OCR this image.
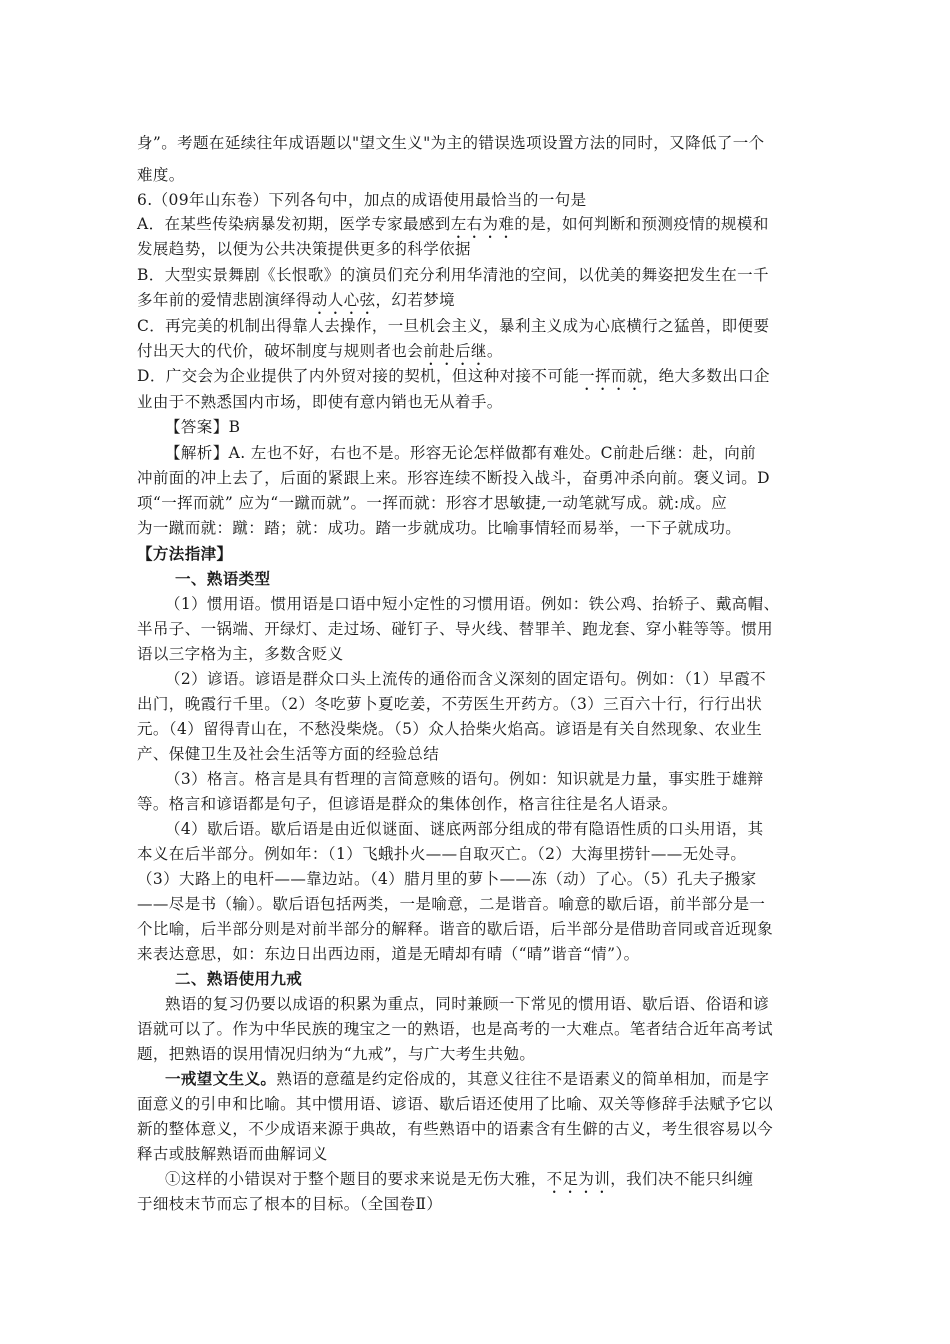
身”。考题在延续往年成语题以"望文生义"为主的错误选项设置方法的同时，又降低了一个
难度。
6.（09年山东卷）下列各句中，加点的成语使用最恰当的一句是
A．在某些传染病暴发初期，医学专家最感到左右为难的是，如何判断和预测疫情的规模和
发展趋势，以便为公共决策提供更多的科学依据
B．大型实景舞剧《长恨歌》的演员们充分利用华清池的空间，以优美的舞姿把发生在一千
多年前的爱情悲剧演绎得动人心弦，幻若梦境
C．再完美的机制出得靠人去操作，一旦机会主义，暴利主义成为心底横行之猛兽，即便要
付出天大的代价，破坏制度与规则者也会前赴后继。
D．广交会为企业提供了内外贸对接的契机，但这种对接不可能一挥而就，绝大多数出口企
业由于不熟悉国内市场，即使有意内销也无从着手。
【答案】B
【解析】A. 左也不好，右也不是。形容无论怎样做都有难处。C前赴后继：赴，向前
冲前面的冲上去了，后面的紧跟上来。形容连续不断投入战斗，奋勇冲杀向前。褒义词。D
项“一挥而就” 应为“一蹴而就”。一挥而就：形容才思敏捷,一动笔就写成。就:成。应
为一蹴而就：蹴：踏；就：成功。踏一步就成功。比喻事情轻而易举，一下子就成功。
【方法指津】
一、熟语类型
（1）惯用语。惯用语是口语中短小定性的习惯用语。例如：铁公鸡、抬轿子、戴高帽、
半吊子、一锅端、开绿灯、走过场、碰钉子、导火线、替罪羊、跑龙套、穿小鞋等等。惯用
语以三字格为主，多数含贬义
（2）谚语。谚语是群众口头上流传的通俗而含义深刻的固定语句。例如：（1）早霞不
出门，晚霞行千里。（2）冬吃萝卜夏吃姜，不劳医生开药方。（3）三百六十行，行行出状
元。（4）留得青山在，不愁没柴烧。（5）众人拾柴火焰高。谚语是有关自然现象、农业生
产、保健卫生及社会生活等方面的经验总结
（3）格言。格言是具有哲理的言简意赅的语句。例如：知识就是力量，事实胜于雄辩
等。格言和谚语都是句子，但谚语是群众的集体创作，格言往往是名人语录。
（4）歇后语。歇后语是由近似谜面、谜底两部分组成的带有隐语性质的口头用语，其
本义在后半部分。例如年：（1）飞蛾扑火——自取灭亡。（2）大海里捞针——无处寻。
（3）大路上的电杆——靠边站。（4）腊月里的萝卜——冻（动）了心。（5）孔夫子搬家
——尽是书（输）。歇后语包括两类，一是喻意，二是谐音。喻意的歇后语，前半部分是一
个比喻，后半部分则是对前半部分的解释。谐音的歇后语，后半部分是借助音同或音近现象
来表达意思，如：东边日出西边雨，道是无晴却有晴（“晴”谐音“情”）。
二、熟语使用九戒
熟语的复习仍要以成语的积累为重点，同时兼顾一下常见的惯用语、歇后语、俗语和谚
语就可以了。作为中华民族的瑰宝之一的熟语，也是高考的一大难点。笔者结合近年高考试
题，把熟语的误用情况归纳为“九戒”，与广大考生共勉。
一戒望文生义。熟语的意蕴是约定俗成的，其意义往往不是语素义的简单相加，而是字
面意义的引申和比喻。其中惯用语、谚语、歇后语还使用了比喻、双关等修辞手法赋予它以
新的整体意义，不少成语来源于典故，有些熟语中的语素含有生僻的古义，考生很容易以今
释古或肢解熟语而曲解词义
①这样的小错误对于整个题目的要求来说是无伤大雅，不足为训，我们决不能只纠缠
于细枝末节而忘了根本的目标。（全国卷Ⅱ）
